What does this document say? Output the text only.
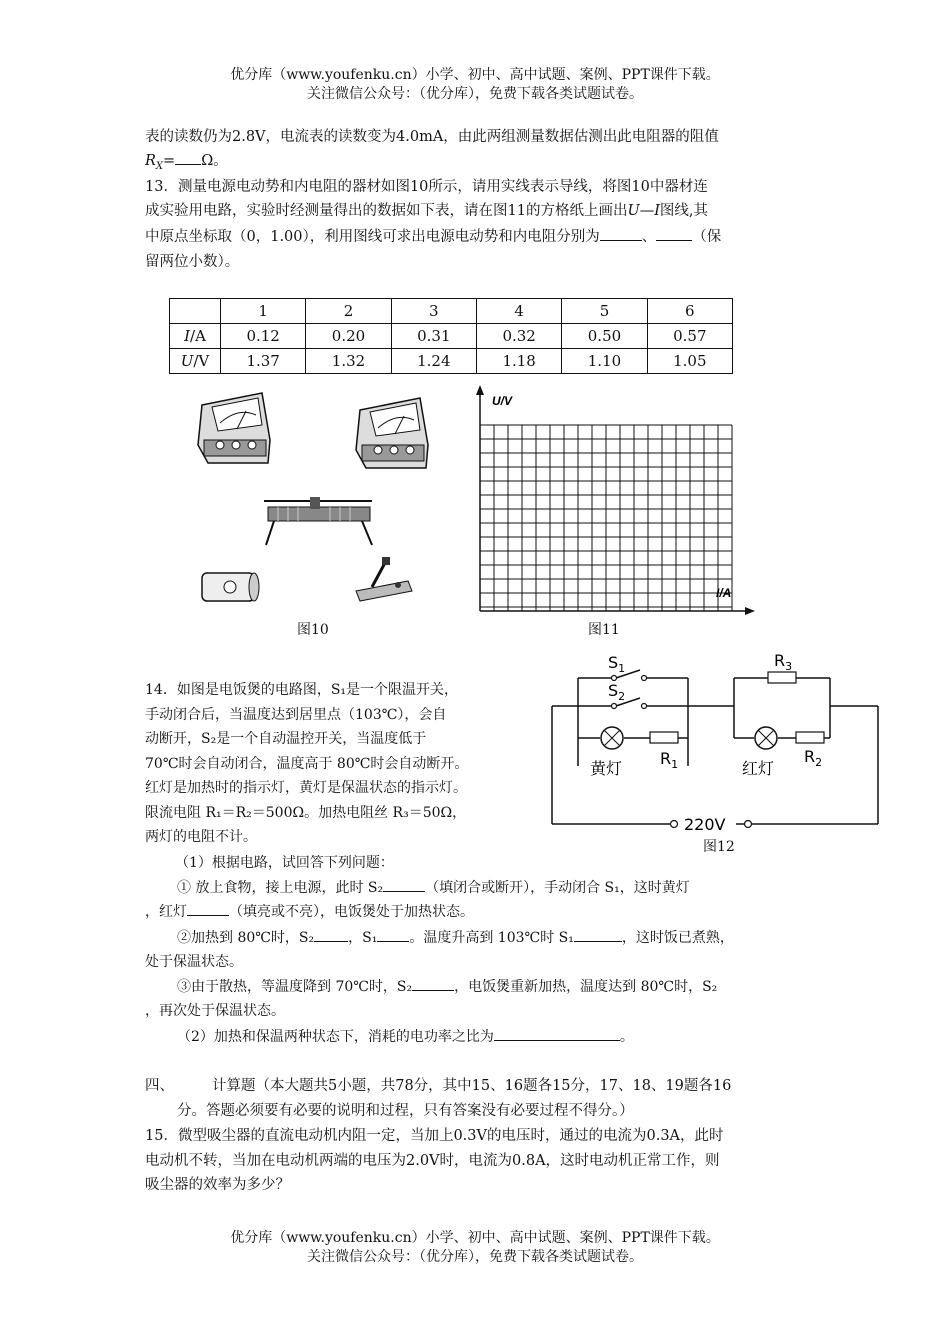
优分库（www.youfenku.cn）小学、初中、高中试题、案例、PPT课件下载。
关注微信公众号：（优分库），免费下载各类试题试卷。
表的读数仍为2.8V，电流表的读数变为4.0mA，由此两组测量数据估测出此电阻器的阻值
$R_X= \Omega$。
13．测量电源电动势和内电阻的器材如图10所示，请用实线表示导线，将图10中器材连
成实验用电路，实验时经测量得出的数据如下表，请在图11的方格纸上画出U—I图线,其
中原点坐标取（0，1.00），利用图线可求出电源电动势和内电阻分别为	、 （保
留两位小数）。
	1	2	3	4	5	6
I/A	0.12	0.20	0.31	0.32	0.50	0.57
U/V	1.37	1.32	1.24	1.18	1.10	1.05
图10
U/V
I/A
图11
$S_1$
$S_2$
$R_3$
$R_1$	$R_2$
黄灯	红灯
220V
图12
14．如图是电饭煲的电路图，S₁是一个限温开关，
手动闭合后，当温度达到居里点（103℃），会自
动断开，S₂是一个自动温控开关，当温度低于
70℃时会自动闭合，温度高于 80℃时会自动断开。
红灯是加热时的指示灯，黄灯是保温状态的指示灯。
限流电阻 R₁＝R₂＝500Ω。加热电阻丝 R₃＝50Ω，
两灯的电阻不计。
（1）根据电路，试回答下列问题：
① 放上食物，接上电源，此时 S₂	（填闭合或断开），手动闭合 S₁，这时黄灯
，红灯	（填亮或不亮），电饭煲处于加热状态。
②加热到 80℃时，S₂ ，S₁ 。温度升高到 103℃时 S₁	，这时饭已煮熟，
处于保温状态。
③由于散热，等温度降到 70℃时，S₂	，电饭煲重新加热，温度达到 80℃时，S₂
，再次处于保温状态。
（2）加热和保温两种状态下，消耗的电功率之比为	。
四、	计算题（本大题共5小题，共78分，其中15、16题各15分，17、18、19题各16
分。答题必须要有必要的说明和过程，只有答案没有必要过程不得分。）
15．微型吸尘器的直流电动机内阻一定，当加上0.3V的电压时，通过的电流为0.3A，此时
电动机不转，当加在电动机两端的电压为2.0V时，电流为0.8A，这时电动机正常工作，则
吸尘器的效率为多少？
优分库（www.youfenku.cn）小学、初中、高中试题、案例、PPT课件下载。
关注微信公众号：（优分库），免费下载各类试题试卷。
